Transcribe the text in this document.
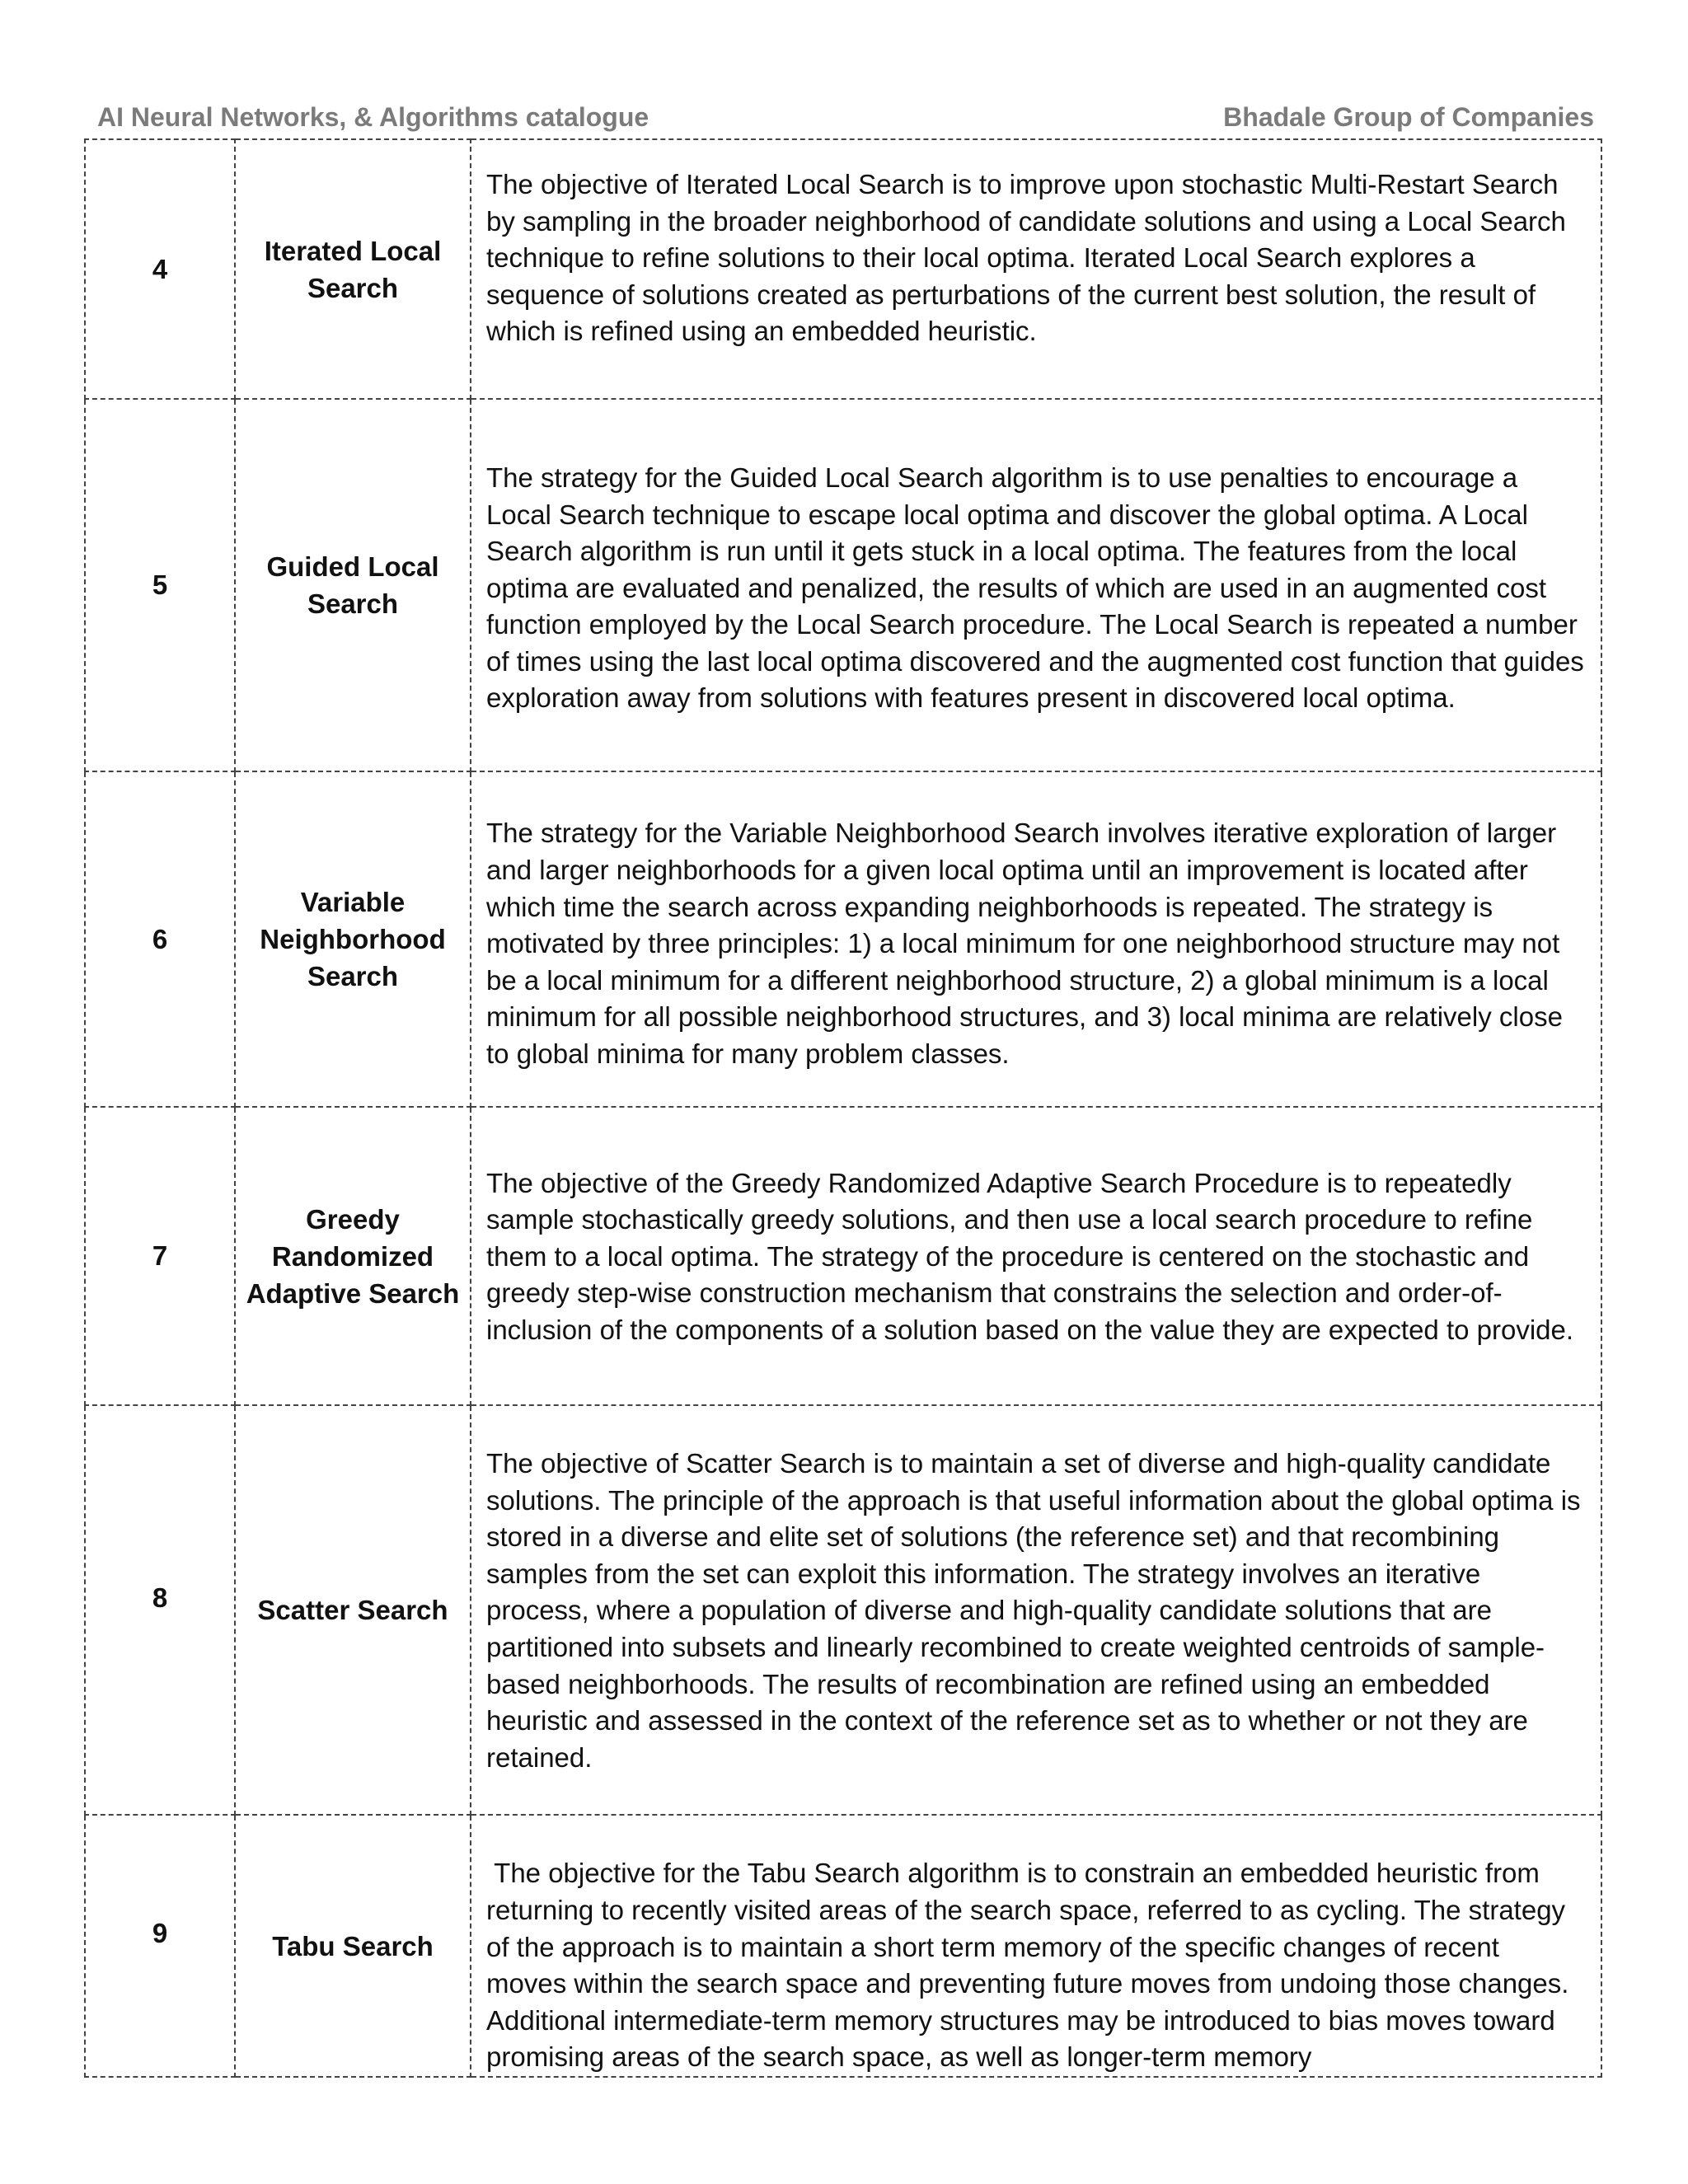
AI Neural Networks, & Algorithms catalogue	Bhadale Group of Companies
4	Iterated Local Search	The objective of Iterated Local Search is to improve upon stochastic Multi-Restart Search by sampling in the broader neighborhood of candidate solutions and using a Local Search technique to refine solutions to their local optima. Iterated Local Search explores a sequence of solutions created as perturbations of the current best solution, the result of which is refined using an embedded heuristic.

5	Guided Local Search	The strategy for the Guided Local Search algorithm is to use penalties to encourage a Local Search technique to escape local optima and discover the global optima. A Local Search algorithm is run until it gets stuck in a local optima. The features from the local optima are evaluated and penalized, the results of which are used in an augmented cost function employed by the Local Search procedure. The Local Search is repeated a number of times using the last local optima discovered and the augmented cost function that guides exploration away from solutions with features present in discovered local optima.

6	Variable Neighborhood Search	The strategy for the Variable Neighborhood Search involves iterative exploration of larger and larger neighborhoods for a given local optima until an improvement is located after which time the search across expanding neighborhoods is repeated. The strategy is motivated by three principles: 1) a local minimum for one neighborhood structure may not be a local minimum for a different neighborhood structure, 2) a global minimum is a local minimum for all possible neighborhood structures, and 3) local minima are relatively close to global minima for many problem classes.

7	Greedy Randomized Adaptive Search	The objective of the Greedy Randomized Adaptive Search Procedure is to repeatedly sample stochastically greedy solutions, and then use a local search procedure to refine them to a local optima. The strategy of the procedure is centered on the stochastic and greedy step-wise construction mechanism that constrains the selection and order-of-inclusion of the components of a solution based on the value they are expected to provide.

8	Scatter Search	The objective of Scatter Search is to maintain a set of diverse and high-quality candidate solutions. The principle of the approach is that useful information about the global optima is stored in a diverse and elite set of solutions (the reference set) and that recombining samples from the set can exploit this information. The strategy involves an iterative process, where a population of diverse and high-quality candidate solutions that are partitioned into subsets and linearly recombined to create weighted centroids of sample-based neighborhoods. The results of recombination are refined using an embedded heuristic and assessed in the context of the reference set as to whether or not they are retained.

9	Tabu Search	The objective for the Tabu Search algorithm is to constrain an embedded heuristic from returning to recently visited areas of the search space, referred to as cycling. The strategy of the approach is to maintain a short term memory of the specific changes of recent moves within the search space and preventing future moves from undoing those changes. Additional intermediate-term memory structures may be introduced to bias moves toward promising areas of the search space, as well as longer-term memory
